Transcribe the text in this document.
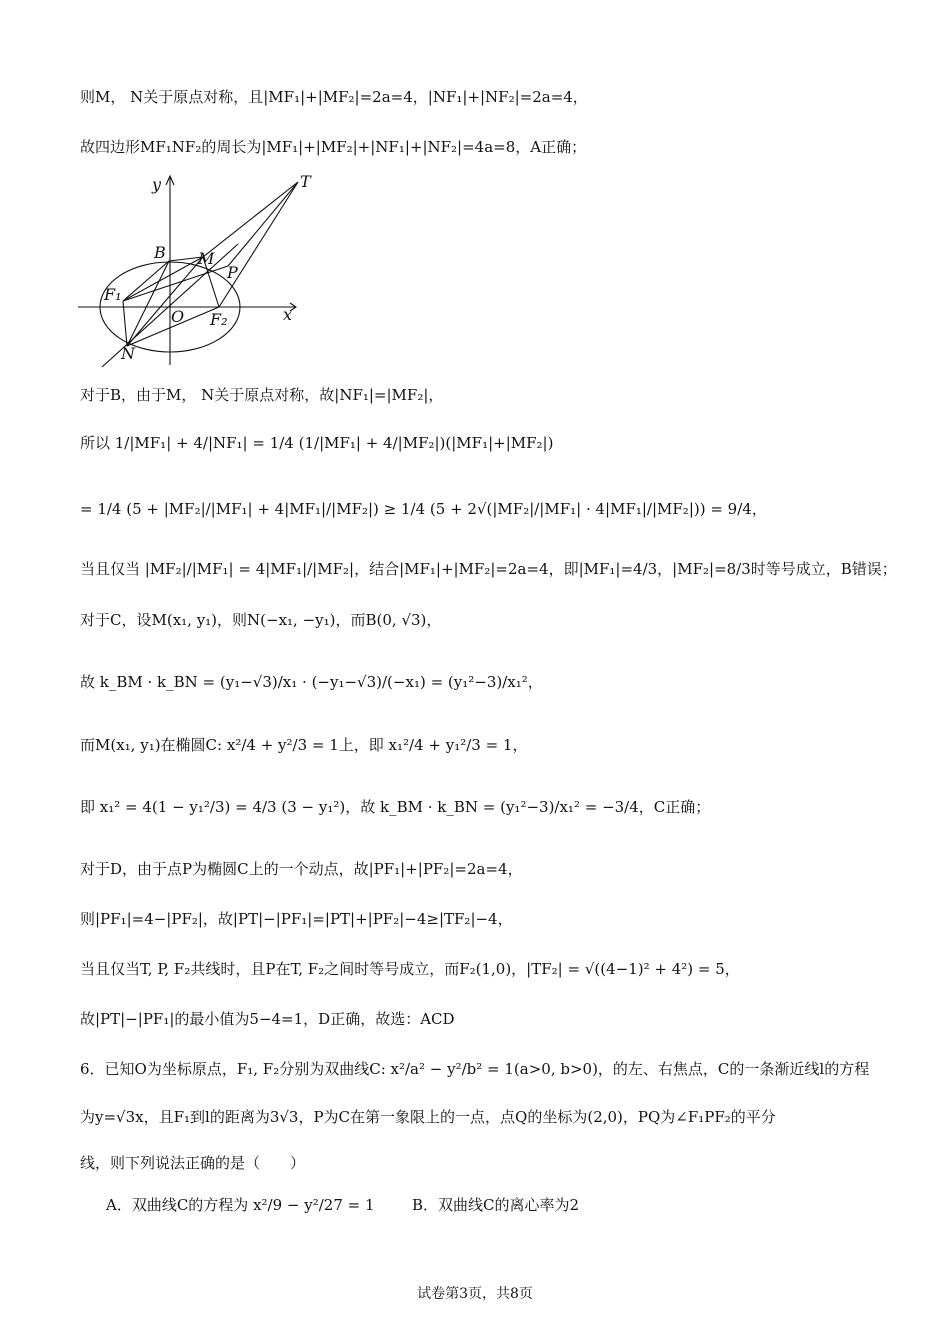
则M， N关于原点对称，且|MF₁|+|MF₂|=2a=4，|NF₁|+|NF₂|=2a=4，
故四边形MF₁NF₂的周长为|MF₁|+|MF₂|+|NF₁|+|NF₂|=4a=8，A正确；
y	T
B M
P
F₁
O F₂	x
N
对于B，由于M， N关于原点对称，故|NF₁|=|MF₂|，
所以 1/|MF₁| + 4/|NF₁| = 1/4 (1/|MF₁| + 4/|MF₂|)(|MF₁|+|MF₂|)
= 1/4 (5 + |MF₂|/|MF₁| + 4|MF₁|/|MF₂|) ≥ 1/4 (5 + 2√(|MF₂|/|MF₁| · 4|MF₁|/|MF₂|)) = 9/4，
当且仅当 |MF₂|/|MF₁| = 4|MF₁|/|MF₂|，结合|MF₁|+|MF₂|=2a=4，即|MF₁|=4/3，|MF₂|=8/3时等号成立，B错误；
对于C，设M(x₁, y₁)，则N(−x₁, −y₁)，而B(0, √3)，
故 k_BM · k_BN = (y₁−√3)/x₁ · (−y₁−√3)/(−x₁) = (y₁²−3)/x₁²，
而M(x₁, y₁)在椭圆C: x²/4 + y²/3 = 1上，即 x₁²/4 + y₁²/3 = 1，
即 x₁² = 4(1 − y₁²/3) = 4/3 (3 − y₁²)，故 k_BM · k_BN = (y₁²−3)/x₁² = −3/4，C正确；
对于D，由于点P为椭圆C上的一个动点，故|PF₁|+|PF₂|=2a=4，
则|PF₁|=4−|PF₂|，故|PT|−|PF₁|=|PT|+|PF₂|−4≥|TF₂|−4，
当且仅当T, P, F₂共线时，且P在T, F₂之间时等号成立，而F₂(1,0)，|TF₂| = √((4−1)² + 4²) = 5，
故|PT|−|PF₁|的最小值为5−4=1，D正确，故选：ACD
6．已知O为坐标原点，F₁, F₂分别为双曲线C: x²/a² − y²/b² = 1(a>0, b>0)，的左、右焦点，C的一条渐近线l的方程
为y=√3x，且F₁到l的距离为3√3，P为C在第一象限上的一点，点Q的坐标为(2,0)，PQ为∠F₁PF₂的平分
线，则下列说法正确的是（　　）
A．双曲线C的方程为 x²/9 − y²/27 = 1 B．双曲线C的离心率为2
试卷第3页，共8页
